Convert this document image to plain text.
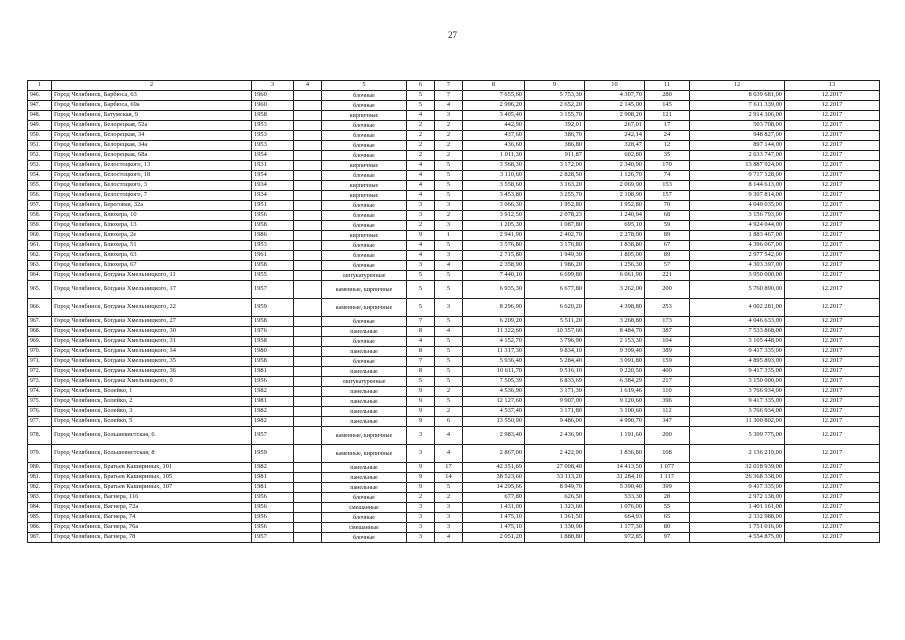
27
1	2	3	4	5	6	7	8	9	10	11	12	13
946.	Город Челябинск, Барбюса, 63	1960		блочные	5	7	7 655,60	5 753,30	4 307,70	280	8 639 681,00	12.2017
947.	Город Челябинск, Барбюса, 69а	1960		блочные	5	4	2 996,20	2 652,20	2 145,00	145	7 611 339,00	12.2017
948.	Город Челябинск, Батумская, 9	1958		кирпичные	4	3	3 405,40	3 155,70	2 908,20	121	2 914 306,00	12.2017
949.	Город Челябинск, Белорецкая, 52а	1953		блочные	2	2	442,90	392,01	267,01	17	503 708,00	12.2017
950.	Город Челябинск, Белорецкая, 34	1953		блочные	2	2	437,60	386,70	242,14	24	948 827,00	12.2017
951.	Город Челябинск, Белорецкая, 34а	1953		блочные	2	2	436,60	386,80	328,47	12	897 144,00	12.2017
952.	Город Челябинск, Белорецкая, 68а	1954		блочные	2	2	1 011,30	911,87	602,80	35	2 633 747,00	12.2017
953.	Город Челябинск, Белостоцкого, 13	1931		кирпичные	4	5	3 568,30	3 172,00	2 340,90	170	13 887 924,00	12.2017
954.	Город Челябинск, Белостоцкого, 18	1954		блочные	4	5	3 110,60	2 828,50	1 126,70	74	9 717 128,00	12.2017
955.	Город Челябинск, Белостоцкого, 3	1934		кирпичные	4	5	3 558,60	3 163,20	2 069,90	153	8 144 613,00	12.2017
956.	Город Челябинск, Белостоцкого, 7	1934		кирпичные	4	5	3 453,80	3 255,70	2 108,90	157	9 307 814,00	12.2017
957.	Город Челябинск, Береговая, 32а	1951		блочные	3	3	3 066,30	1 952,80	1 952,80	70	4 049 035,00	12.2017
958.	Город Челябинск, Блюхера, 10	1956		блочные	3	2	3 912,50	2 078,23	1 240,94	68	3 156 793,00	12.2017
959.	Город Челябинск, Блюхера, 13	1958		блочные	2	3	1 205,30	1 087,80	695,10	59	4 924 044,00	12.2017
960.	Город Челябинск, Блюхера, 2е	1986		кирпичные	9	1	2 941,90	2 402,70	2 278,00	89	1 883 467,00	12.2017
961.	Город Челябинск, Блюхера, 51	1953		блочные	4	5	3 576,80	3 176,80	1 838,80	67	4 396 067,00	12.2017
962.	Город Челябинск, Блюхера, 63	1961		блочные	4	3	2 715,80	1 949,30	1 805,00	89	2 977 542,00	12.2017
963.	Город Челябинск, Блюхера, 67	1958		блочные	3	4	2 358,90	1 986,20	1 256,30	57	4 303 397,00	12.2017
964.	Город Челябинск, Богдана Хмельницкого, 11	1955		оштукатуренные	5	5	7 440,10	6 699,80	6 061,90	221	3 950 000,00	12.2017
965.	Город Челябинск, Богдана Хмельницкого, 17	1957		каменные, кирпичные	5	5	6 935,30	6 677,80	3 262,00	200	5 760 890,00	12.2017
966.	Город Челябинск, Богдана Хмельницкого, 22	1959		каменные, кирпичные	5	3	8 296,90	6 620,20	4 398,80	253	4 002 281,00	12.2017
967.	Город Челябинск, Богдана Хмельницкого, 27	1958		блочные	7	5	6 209,20	5 511,20	3 268,80	173	4 046 633,00	12.2017
968.	Город Челябинск, Богдана Хмельницкого, 30	1976		панельные	8	4	11 322,60	10 357,60	8 484,70	387	7 533 868,00	12.2017
969.	Город Челябинск, Богдана Хмельницкого, 31	1958		блочные	4	5	4 152,70	3 796,90	2 153,30	104	3 105 448,00	12.2017
970.	Город Челябинск, Богдана Хмельницкого, 34	1980		панельные	8	5	11 317,30	9 834,10	9 399,40	389	9 417 335,00	12.2017
971.	Город Челябинск, Богдана Хмельницкого, 35	1958		блочные	7	5	5 936,40	5 284,40	3 091,80	159	4 895 893,00	12.2017
972.	Город Челябинск, Богдана Хмельницкого, 36	1981		панельные	8	5	10 611,70	9 516,10	9 220,50	400	9 417 335,00	12.2017
973.	Город Челябинск, Богдана Хмельницкого, 9	1956		оштукатуренные	5	5	7 505,39	6 833,69	6 384,29	217	3 150 000,00	12.2017
974.	Город Челябинск, Болейко, 1	1982		панельные	9	2	4 536,90	3 171,30	1 619,46	110	3 766 934,00	12.2017
975.	Город Челябинск, Болейко, 2	1981		панельные	9	5	12 127,60	9 907,00	9 120,60	396	9 417 335,00	12.2017
976.	Город Челябинск, Болейко, 3	1982		панельные	9	2	4 537,40	3 171,80	3 100,60	112	3 766 934,00	12.2017
977.	Город Челябинск, Болейко, 5	1982		панельные	9	6	13 550,90	9 486,00	4 990,70	347	11 300 802,00	12.2017
978.	Город Челябинск, Большевистская, 6	1957		каменные, кирпичные	3	4	2 983,40	2 436,90	1 191,60	200	5 399 775,00	12.2017
979.	Город Челябинск, Большевистская, 8	1959		каменные, кирпичные	3	4	2 867,00	2 422,90	1 836,80	108	2 136 219,00	12.2017
980.	Город Челябинск, Братьев Кашириных, 101	1982		панельные	9	17	42 351,69	27 008,40	14 413,50	1 077	32 018 939,00	12.2017
981.	Город Челябинск, Братьев Кашириных, 105	1981		панельные	9	14	38 523,60	33 113,20	31 284,10	1 117	26 368 338,00	12.2017
982.	Город Челябинск, Братьев Кашириных, 107	1981		панельные	9	5	14 295,66	8 949,70	5 390,40	399	9 417 335,00	12.2017
983.	Город Челябинск, Вагнера, 116	1956		блочные	2	2	677,80	626,50	533,30	28	2 972 138,00	12.2017
984.	Город Челябинск, Вагнера, 72а	1956		смешанные	3	3	1 431,00	1 323,60	1 076,00	55	1 401 161,00	12.2017
985.	Город Челябинск, Вагнера, 74	1956		блочные	3	3	1 475,10	1 361,50	664,93	65	2 332 988,00	12.2017
986.	Город Челябинск, Вагнера, 76а	1956		смешанные	3	3	1 475,10	1 330,90	1 177,30	80	1 751 016,00	12.2017
987.	Город Челябинск, Вагнера, 78	1957		блочные	3	4	2 051,20	1 888,80	972,85	97	4 554 875,00	12.2017
